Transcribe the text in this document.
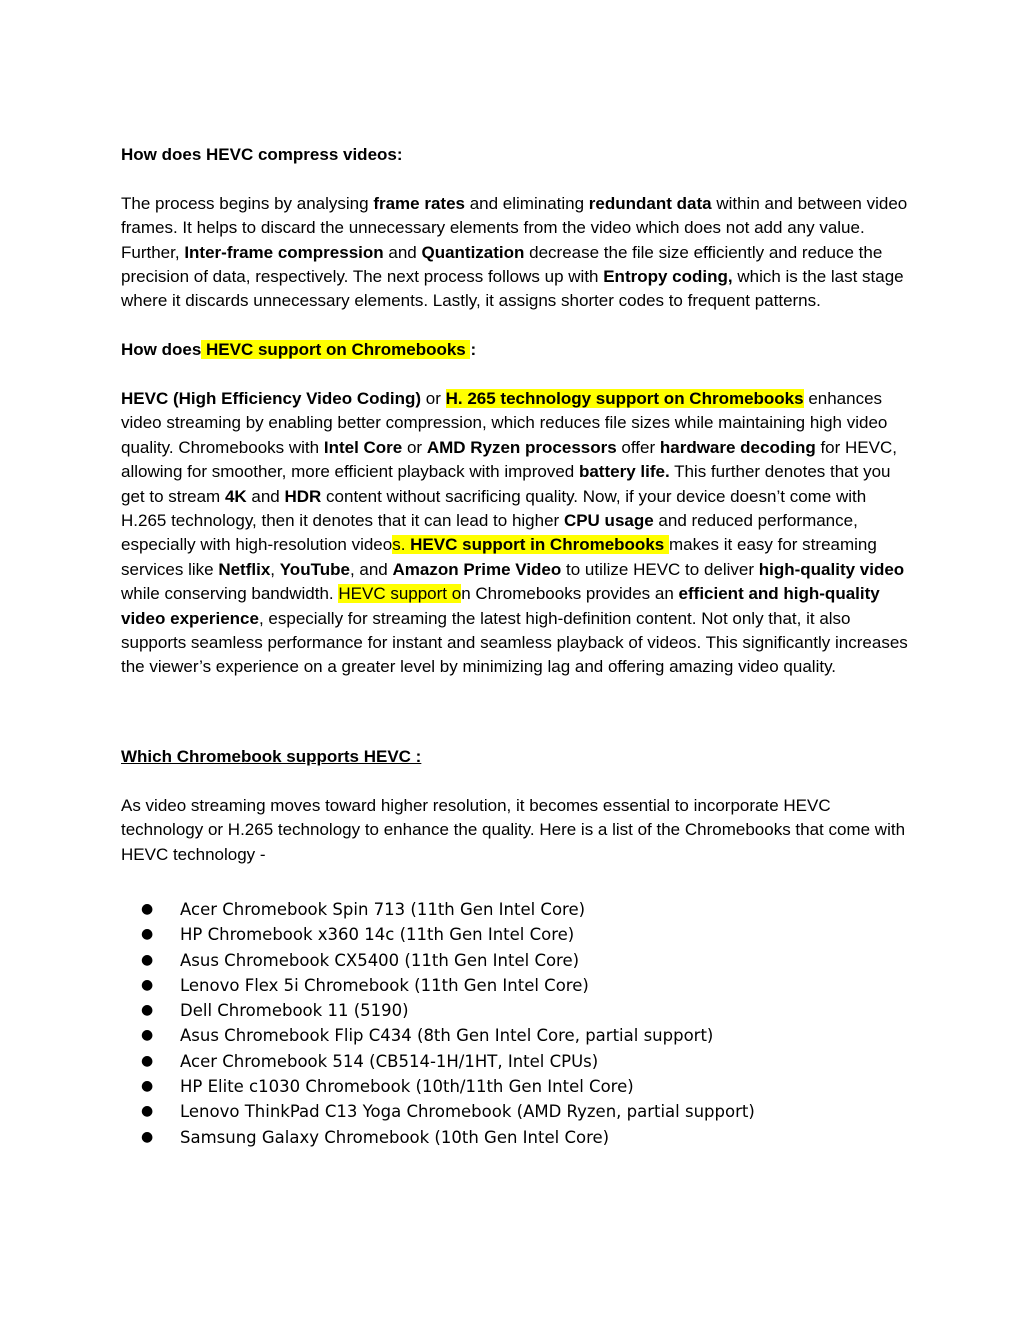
How does HEVC compress videos:

The process begins by analysing frame rates and eliminating redundant data within and between video frames. It helps to discard the unnecessary elements from the video which does not add any value. Further, Inter-frame compression and Quantization decrease the file size efficiently and reduce the precision of data, respectively. The next process follows up with Entropy coding, which is the last stage where it discards unnecessary elements. Lastly, it assigns shorter codes to frequent patterns.

How does HEVC support on Chromebooks :

HEVC (High Efficiency Video Coding) or H. 265 technology support on Chromebooks enhances video streaming by enabling better compression, which reduces file sizes while maintaining high video quality. Chromebooks with Intel Core or AMD Ryzen processors offer hardware decoding for HEVC, allowing for smoother, more efficient playback with improved battery life. This further denotes that you get to stream 4K and HDR content without sacrificing quality. Now, if your device doesn’t come with H.265 technology, then it denotes that it can lead to higher CPU usage and reduced performance, especially with high-resolution videos. HEVC support in Chromebooks makes it easy for streaming services like Netflix, YouTube, and Amazon Prime Video to utilize HEVC to deliver high-quality video while conserving bandwidth. HEVC support on Chromebooks provides an efficient and high-quality video experience, especially for streaming the latest high-definition content. Not only that, it also supports seamless performance for instant and seamless playback of videos. This significantly increases the viewer’s experience on a greater level by minimizing lag and offering amazing video quality.

Which Chromebook supports HEVC :

As video streaming moves toward higher resolution, it becomes essential to incorporate HEVC technology or H.265 technology to enhance the quality. Here is a list of the Chromebooks that come with HEVC technology -

● Acer Chromebook Spin 713 (11th Gen Intel Core)
● HP Chromebook x360 14c (11th Gen Intel Core)
● Asus Chromebook CX5400 (11th Gen Intel Core)
● Lenovo Flex 5i Chromebook (11th Gen Intel Core)
● Dell Chromebook 11 (5190)
● Asus Chromebook Flip C434 (8th Gen Intel Core, partial support)
● Acer Chromebook 514 (CB514-1H/1HT, Intel CPUs)
● HP Elite c1030 Chromebook (10th/11th Gen Intel Core)
● Lenovo ThinkPad C13 Yoga Chromebook (AMD Ryzen, partial support)
● Samsung Galaxy Chromebook (10th Gen Intel Core)
